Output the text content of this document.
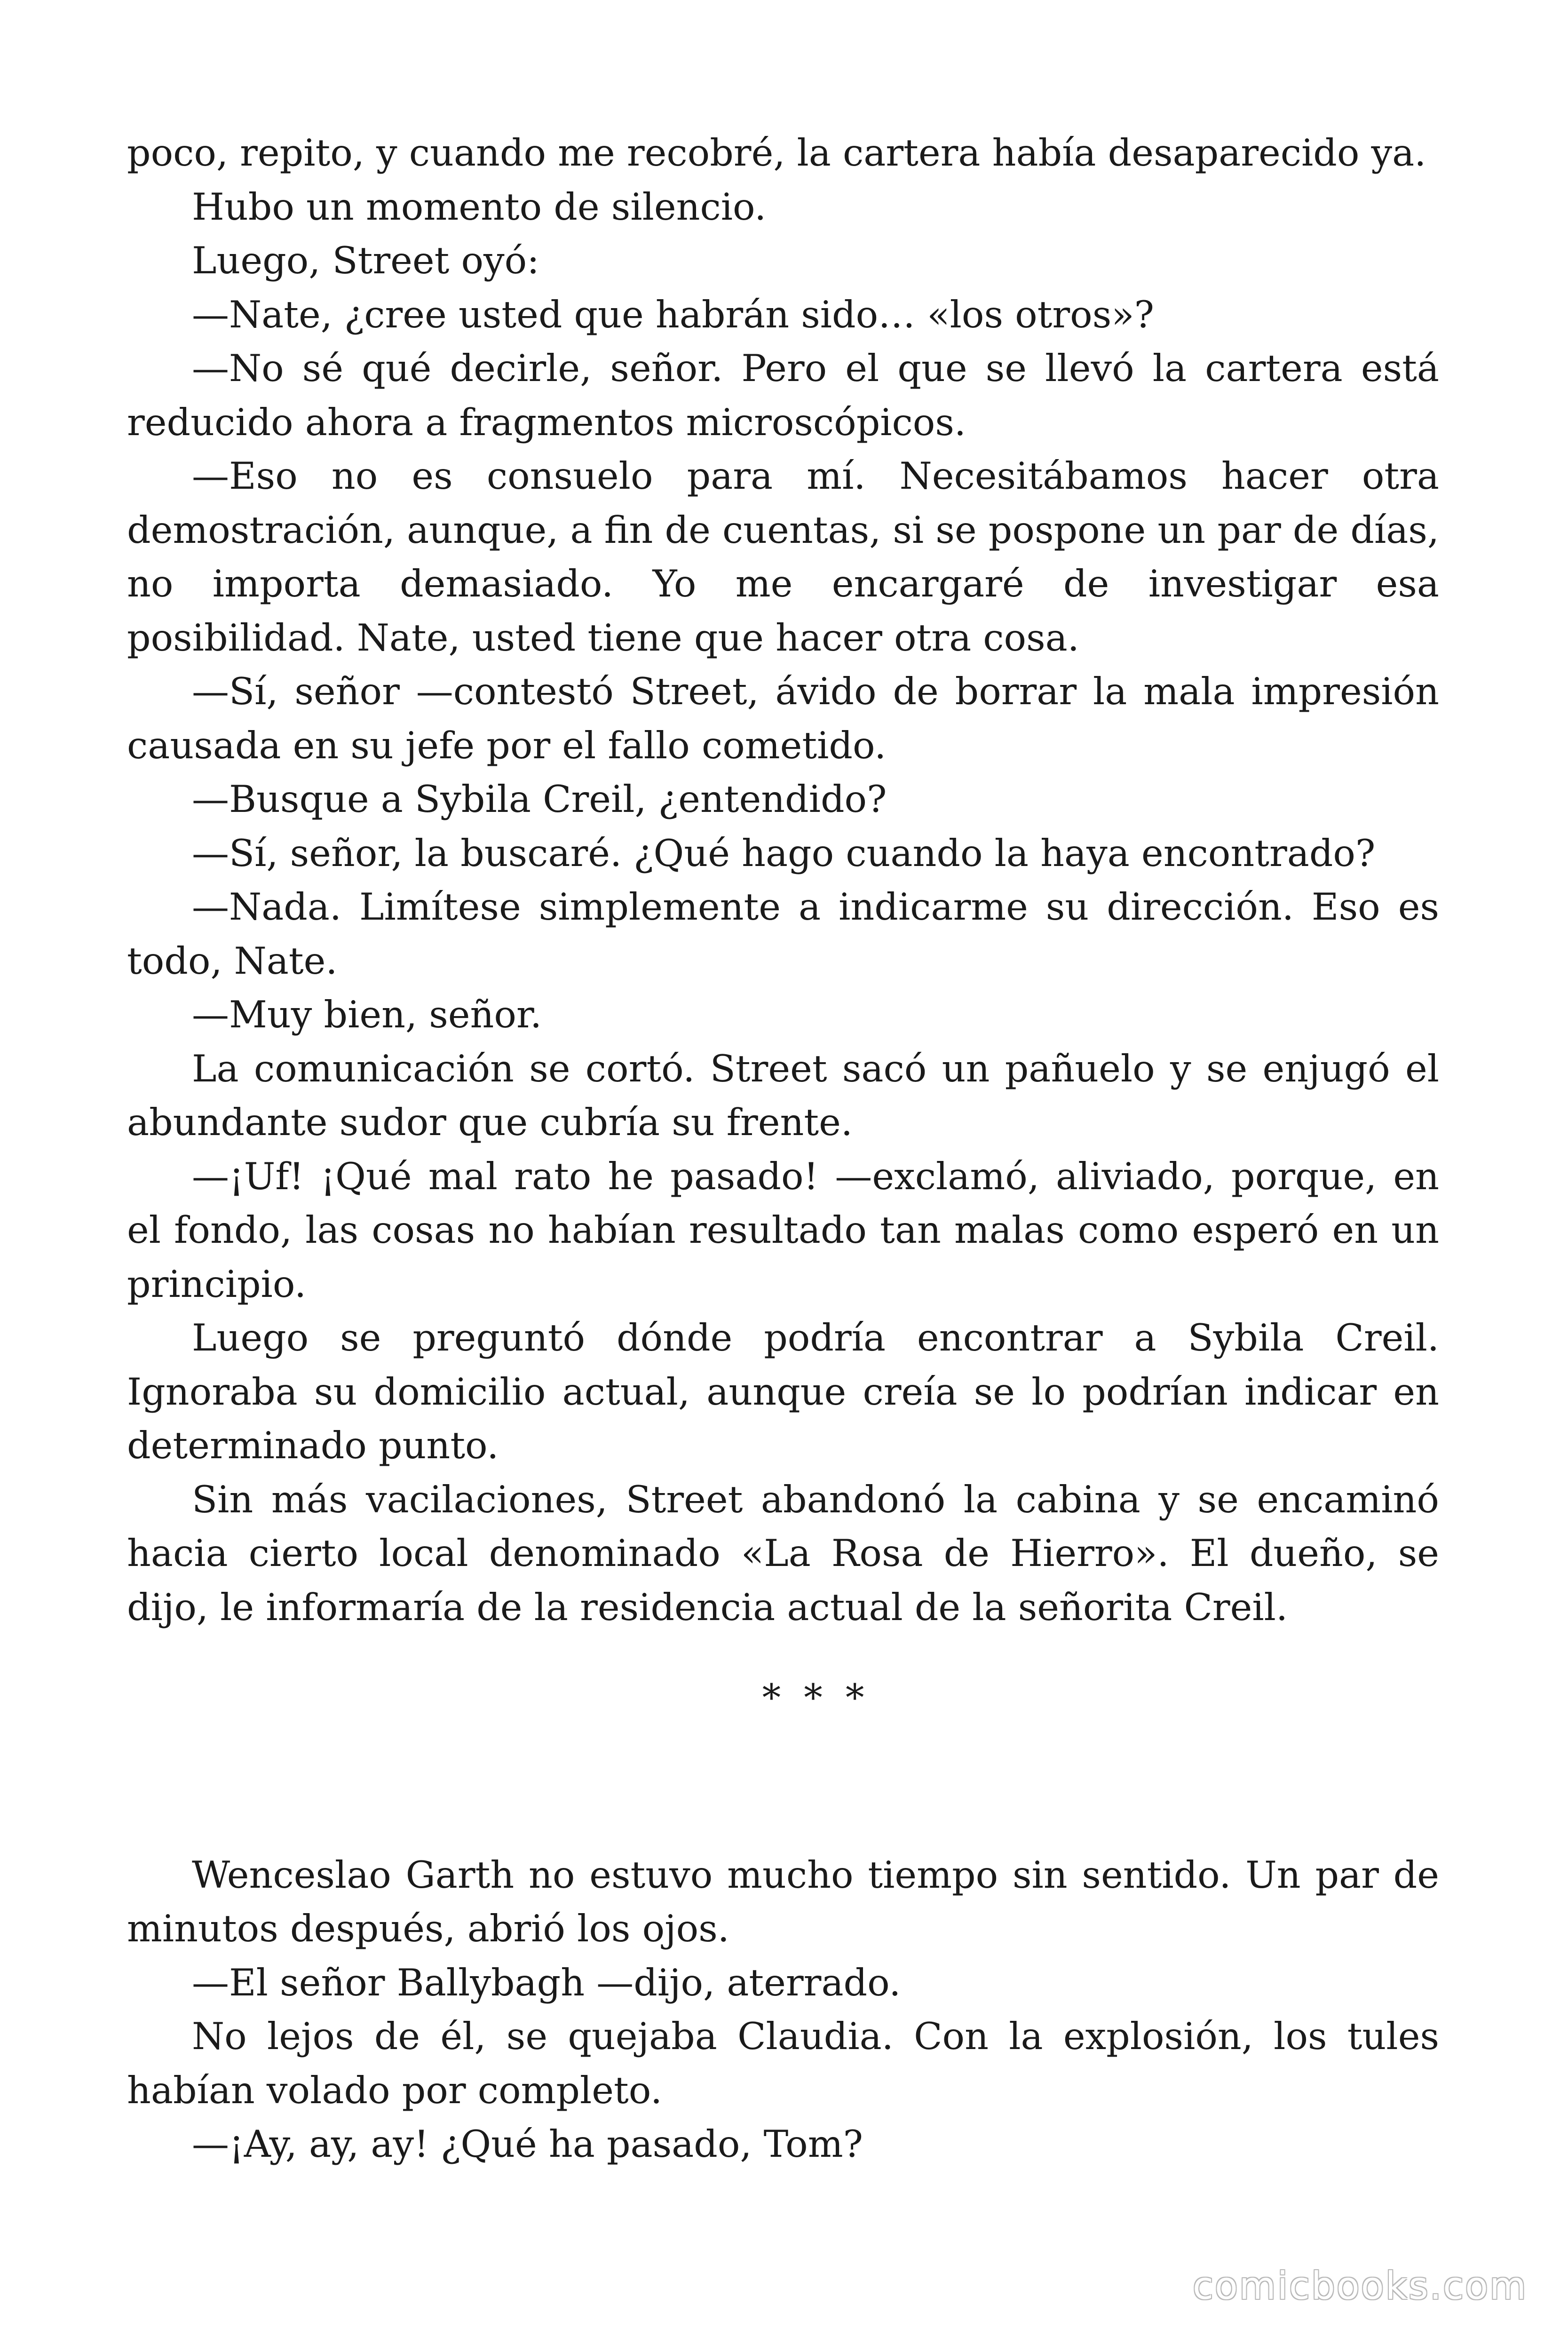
poco, repito, y cuando me recobré, la cartera había desaparecido ya.

Hubo un momento de silencio.

Luego, Street oyó:

—Nate, ¿cree usted que habrán sido… «los otros»?

—No sé qué decirle, señor. Pero el que se llevó la cartera está reducido ahora a fragmentos microscópicos.

—Eso no es consuelo para mí. Necesitábamos hacer otra demostración, aunque, a fin de cuentas, si se pospone un par de días, no importa demasiado. Yo me encargaré de investigar esa posibilidad. Nate, usted tiene que hacer otra cosa.

—Sí, señor —contestó Street, ávido de borrar la mala impresión causada en su jefe por el fallo cometido.

—Busque a Sybila Creil, ¿entendido?

—Sí, señor, la buscaré. ¿Qué hago cuando la haya encontrado?

—Nada. Limítese simplemente a indicarme su dirección. Eso es todo, Nate.

—Muy bien, señor.

La comunicación se cortó. Street sacó un pañuelo y se enjugó el abundante sudor que cubría su frente.

—¡Uf! ¡Qué mal rato he pasado! —exclamó, aliviado, porque, en el fondo, las cosas no habían resultado tan malas como esperó en un principio.

Luego se preguntó dónde podría encontrar a Sybila Creil. Ignoraba su domicilio actual, aunque creía se lo podrían indicar en determinado punto.

Sin más vacilaciones, Street abandonó la cabina y se encaminó hacia cierto local denominado «La Rosa de Hierro». El dueño, se dijo, le informaría de la residencia actual de la señorita Creil.

* * *

Wenceslao Garth no estuvo mucho tiempo sin sentido. Un par de minutos después, abrió los ojos.

—El señor Ballybagh —dijo, aterrado.

No lejos de él, se quejaba Claudia. Con la explosión, los tules habían volado por completo.

—¡Ay, ay, ay! ¿Qué ha pasado, Tom?

comicbooks.com
